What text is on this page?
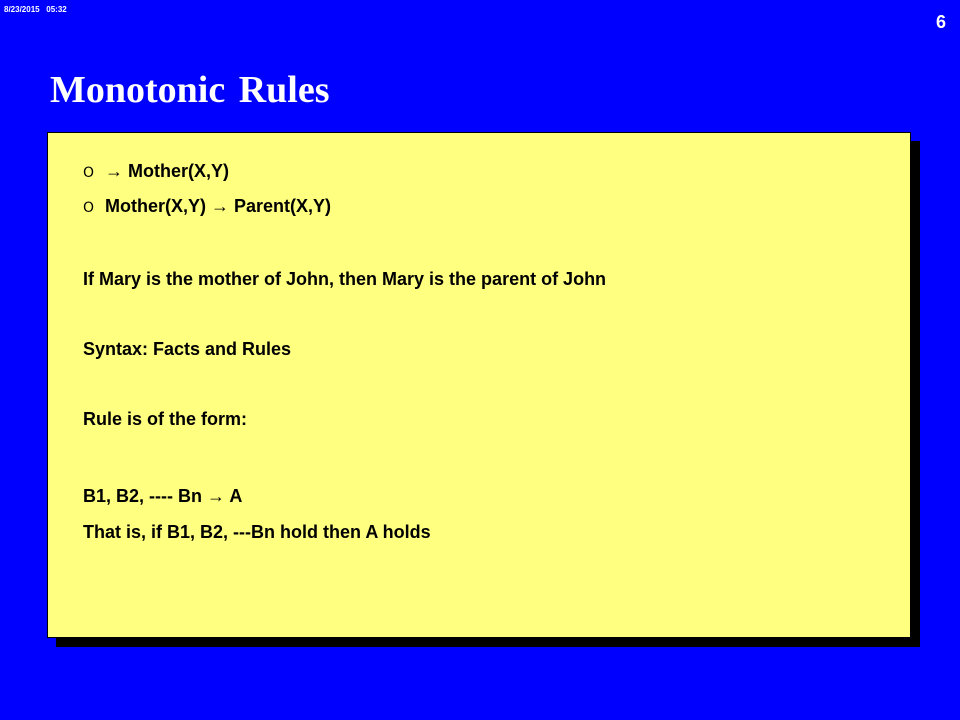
8/23/2015 05:32
6
Monotonic Rules
O → Mother(X,Y)
O Mother(X,Y) → Parent(X,Y)
If Mary is the mother of John, then Mary is the parent of John
Syntax: Facts and Rules
Rule is of the form:
B1, B2, ---- Bn → A
That is, if B1, B2, ---Bn hold then A holds
